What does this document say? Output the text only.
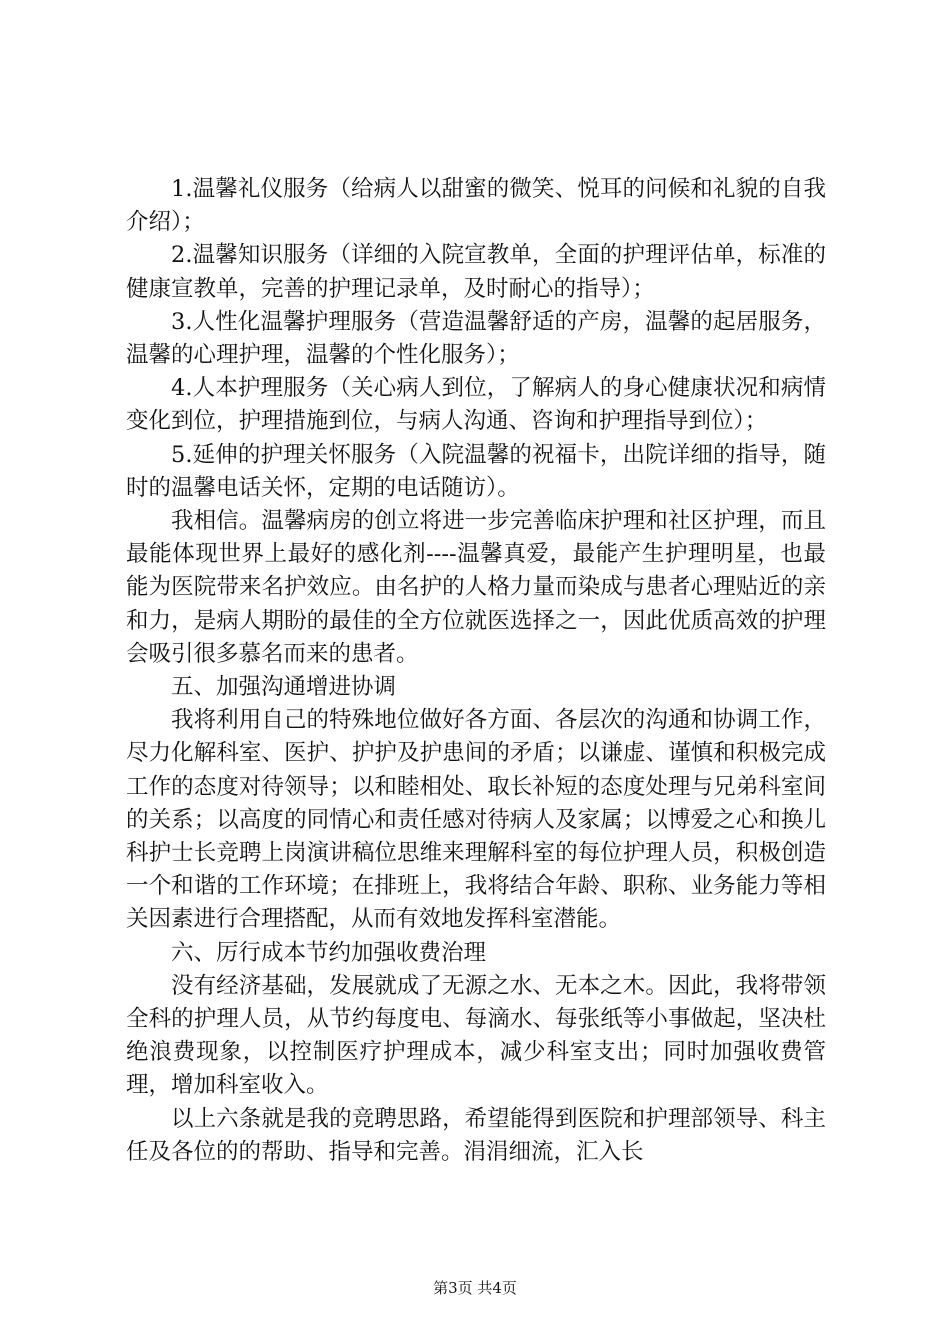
1.温馨礼仪服务（给病人以甜蜜的微笑、悦耳的问候和礼貌的自我介绍）；

2.温馨知识服务（详细的入院宣教单，全面的护理评估单，标准的健康宣教单，完善的护理记录单，及时耐心的指导）；

3.人性化温馨护理服务（营造温馨舒适的产房，温馨的起居服务，温馨的心理护理，温馨的个性化服务）；

4.人本护理服务（关心病人到位，了解病人的身心健康状况和病情变化到位，护理措施到位，与病人沟通、咨询和护理指导到位）；

5.延伸的护理关怀服务（入院温馨的祝福卡，出院详细的指导，随时的温馨电话关怀，定期的电话随访）。

我相信。温馨病房的创立将进一步完善临床护理和社区护理，而且最能体现世界上最好的感化剂----温馨真爱，最能产生护理明星，也最能为医院带来名护效应。由名护的人格力量而染成与患者心理贴近的亲和力，是病人期盼的最佳的全方位就医选择之一，因此优质高效的护理会吸引很多慕名而来的患者。

五、加强沟通增进协调

我将利用自己的特殊地位做好各方面、各层次的沟通和协调工作，尽力化解科室、医护、护护及护患间的矛盾；以谦虚、谨慎和积极完成工作的态度对待领导；以和睦相处、取长补短的态度处理与兄弟科室间的关系；以高度的同情心和责任感对待病人及家属；以博爱之心和换儿科护士长竞聘上岗演讲稿位思维来理解科室的每位护理人员，积极创造一个和谐的工作环境；在排班上，我将结合年龄、职称、业务能力等相关因素进行合理搭配，从而有效地发挥科室潜能。

六、厉行成本节约加强收费治理

没有经济基础，发展就成了无源之水、无本之木。因此，我将带领全科的护理人员，从节约每度电、每滴水、每张纸等小事做起，坚决杜绝浪费现象，以控制医疗护理成本，减少科室支出；同时加强收费管理，增加科室收入。

以上六条就是我的竞聘思路，希望能得到医院和护理部领导、科主任及各位的的帮助、指导和完善。涓涓细流，汇入长

第3页 共4页
